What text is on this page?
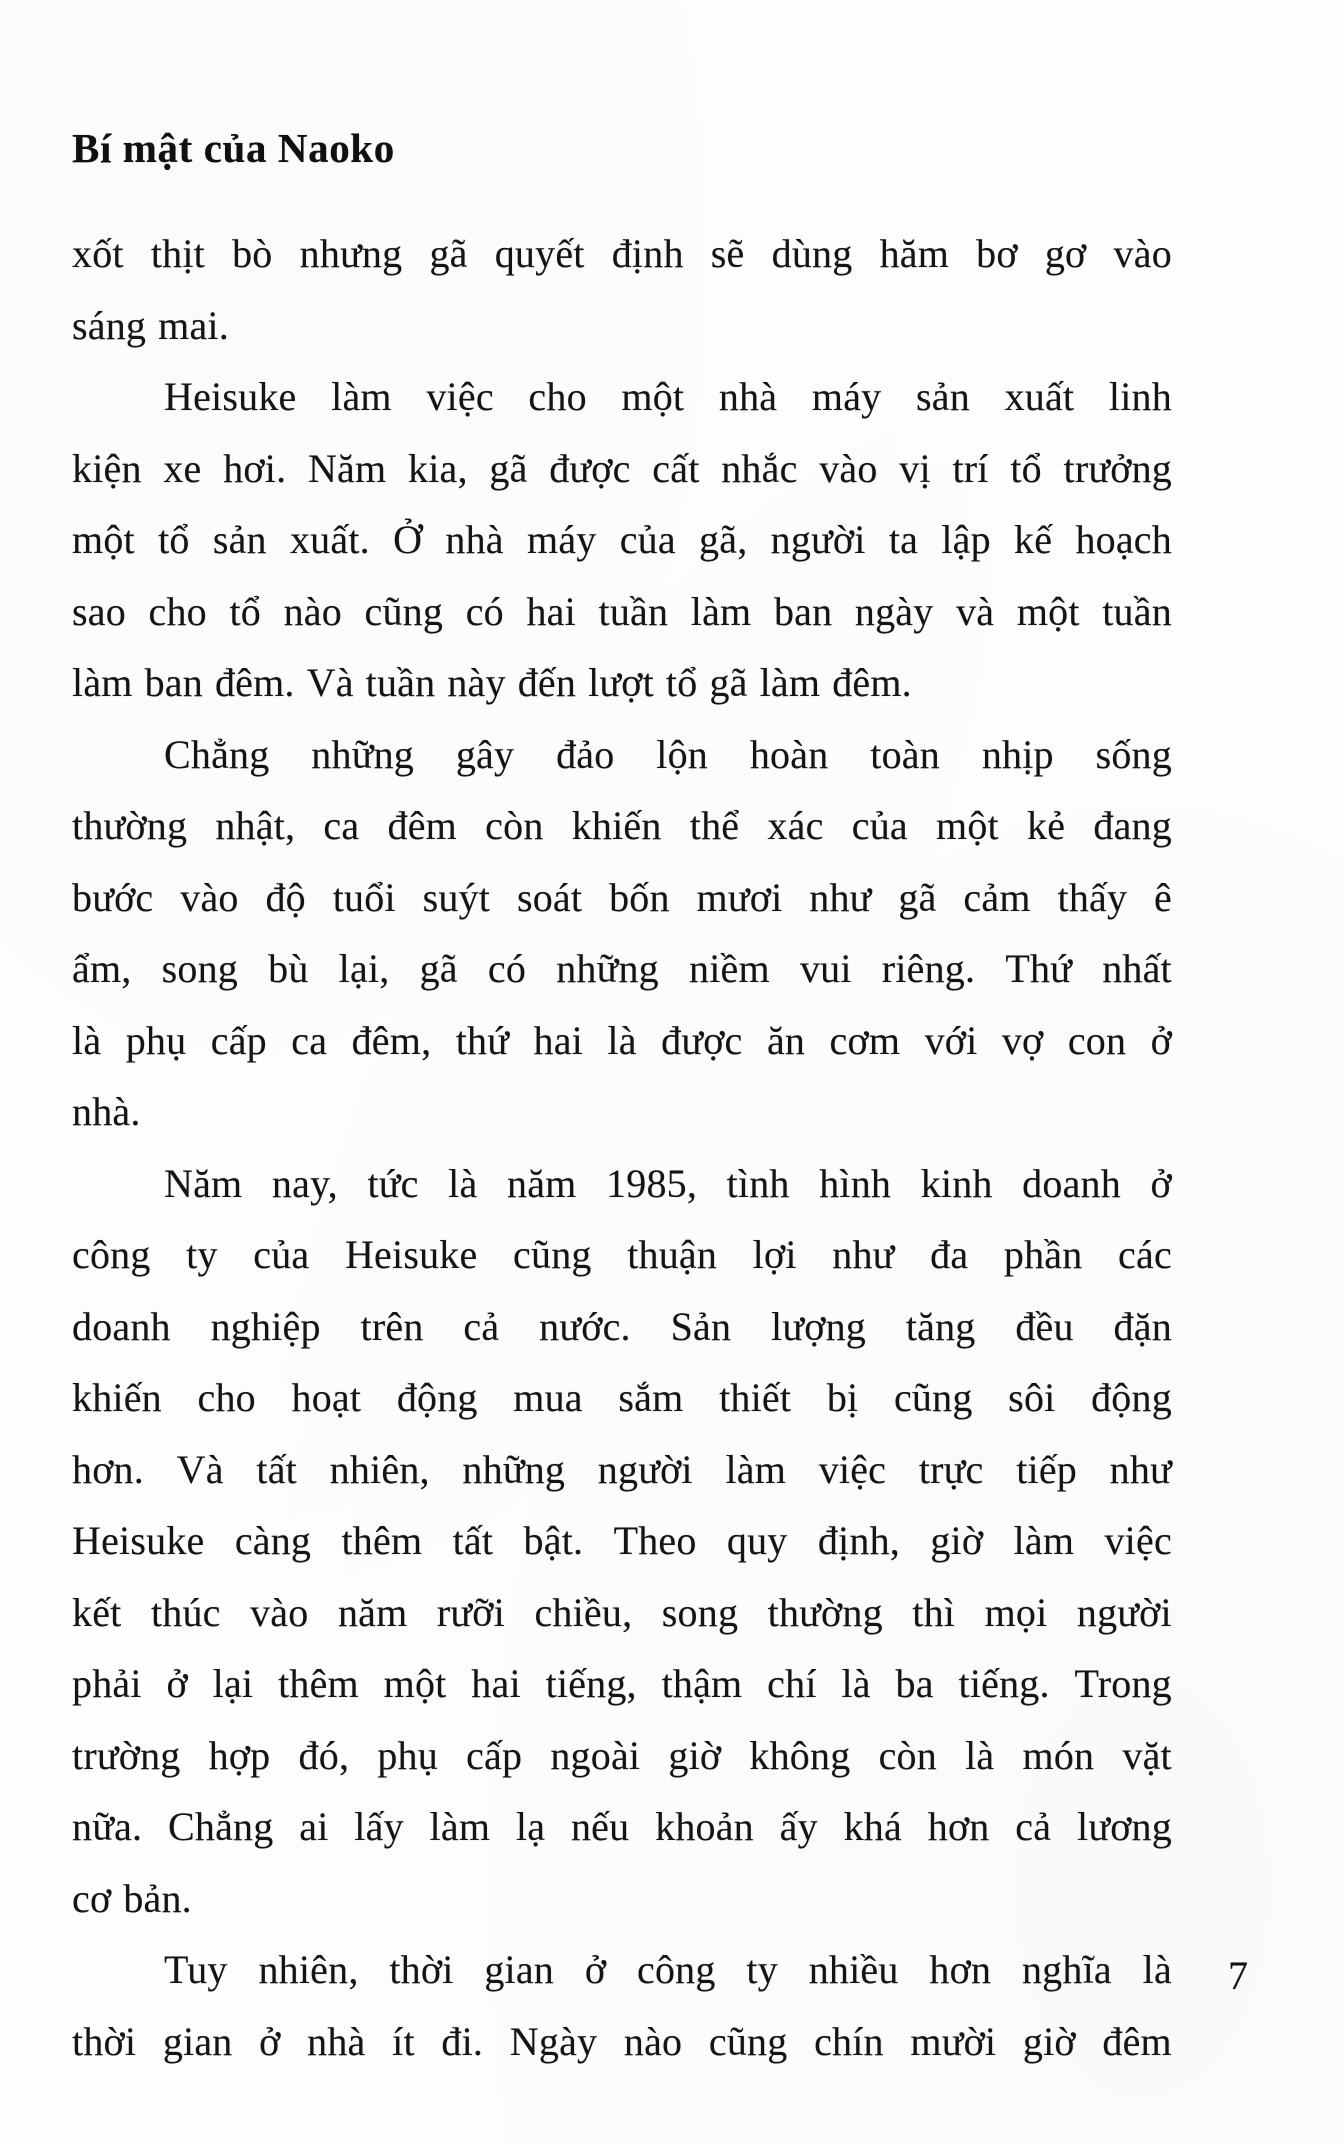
Bí mật của Naoko
xốt thịt bò nhưng gã quyết định sẽ dùng hăm bơ gơ vào
sáng mai.
Heisuke làm việc cho một nhà máy sản xuất linh
kiện xe hơi. Năm kia, gã được cất nhắc vào vị trí tổ trưởng
một tổ sản xuất. Ở nhà máy của gã, người ta lập kế hoạch
sao cho tổ nào cũng có hai tuần làm ban ngày và một tuần
làm ban đêm. Và tuần này đến lượt tổ gã làm đêm.
Chẳng những gây đảo lộn hoàn toàn nhịp sống
thường nhật, ca đêm còn khiến thể xác của một kẻ đang
bước vào độ tuổi suýt soát bốn mươi như gã cảm thấy ê
ẩm, song bù lại, gã có những niềm vui riêng. Thứ nhất
là phụ cấp ca đêm, thứ hai là được ăn cơm với vợ con ở
nhà.
Năm nay, tức là năm 1985, tình hình kinh doanh ở
công ty của Heisuke cũng thuận lợi như đa phần các
doanh nghiệp trên cả nước. Sản lượng tăng đều đặn
khiến cho hoạt động mua sắm thiết bị cũng sôi động
hơn. Và tất nhiên, những người làm việc trực tiếp như
Heisuke càng thêm tất bật. Theo quy định, giờ làm việc
kết thúc vào năm rưỡi chiều, song thường thì mọi người
phải ở lại thêm một hai tiếng, thậm chí là ba tiếng. Trong
trường hợp đó, phụ cấp ngoài giờ không còn là món vặt
nữa. Chẳng ai lấy làm lạ nếu khoản ấy khá hơn cả lương
cơ bản.
Tuy nhiên, thời gian ở công ty nhiều hơn nghĩa là
thời gian ở nhà ít đi. Ngày nào cũng chín mười giờ đêm
7
